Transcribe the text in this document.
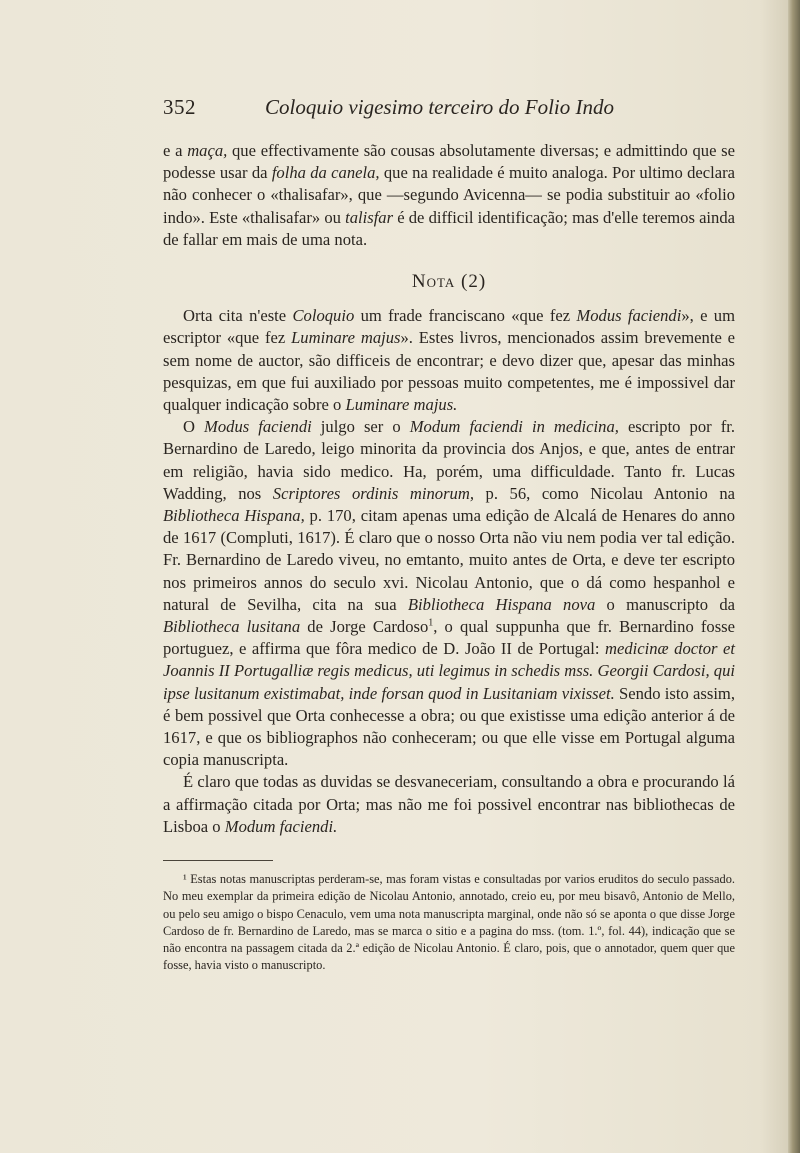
352	Coloquio vigesimo terceiro do Folio Indo

e a maça, que effectivamente são cousas absolutamente diversas; e admittindo que se podesse usar da folha da canela, que na realidade é muito analoga. Por ultimo declara não conhecer o «thalisafar», que —segundo Avicenna— se podia substituir ao «folio indo». Este «thalisafar» ou talisfar é de difficil identificação; mas d'elle teremos ainda de fallar em mais de uma nota.

Nota (2)

Orta cita n'este Coloquio um frade franciscano «que fez Modus faciendi», e um escriptor «que fez Luminare majus». Estes livros, mencionados assim brevemente e sem nome de auctor, são difficeis de encontrar; e devo dizer que, apesar das minhas pesquizas, em que fui auxiliado por pessoas muito competentes, me é impossivel dar qualquer indicação sobre o Luminare majus.

O Modus faciendi julgo ser o Modum faciendi in medicina, escripto por fr. Bernardino de Laredo, leigo minorita da provincia dos Anjos, e que, antes de entrar em religião, havia sido medico. Ha, porém, uma difficuldade. Tanto fr. Lucas Wadding, nos Scriptores ordinis minorum, p. 56, como Nicolau Antonio na Bibliotheca Hispana, p. 170, citam apenas uma edição de Alcalá de Henares do anno de 1617 (Compluti, 1617). É claro que o nosso Orta não viu nem podia ver tal edição. Fr. Bernardino de Laredo viveu, no emtanto, muito antes de Orta, e deve ter escripto nos primeiros annos do seculo xvi. Nicolau Antonio, que o dá como hespanhol e natural de Sevilha, cita na sua Bibliotheca Hispana nova o manuscripto da Bibliotheca lusitana de Jorge Cardoso$^1$, o qual suppunha que fr. Bernardino fosse portuguez, e affirma que fôra medico de D. João II de Portugal: medicinæ doctor et Joannis II Portugalliæ regis medicus, uti legimus in schedis mss. Georgii Cardosi, qui ipse lusitanum existimabat, inde forsan quod in Lusitaniam vixisset. Sendo isto assim, é bem possivel que Orta conhecesse a obra; ou que existisse uma edição anterior á de 1617, e que os bibliographos não conheceram; ou que elle visse em Portugal alguma copia manuscripta.

É claro que todas as duvidas se desvaneceriam, consultando a obra e procurando lá a affirmação citada por Orta; mas não me foi possivel encontrar nas bibliothecas de Lisboa o Modum faciendi.

¹ Estas notas manuscriptas perderam-se, mas foram vistas e consultadas por varios eruditos do seculo passado. No meu exemplar da primeira edição de Nicolau Antonio, annotado, creio eu, por meu bisavô, Antonio de Mello, ou pelo seu amigo o bispo Cenaculo, vem uma nota manuscripta marginal, onde não só se aponta o que disse Jorge Cardoso de fr. Bernardino de Laredo, mas se marca o sitio e a pagina do mss. (tom. 1.º, fol. 44), indicação que se não encontra na passagem citada da 2.ª edição de Nicolau Antonio. É claro, pois, que o annotador, quem quer que fosse, havia visto o manuscripto.
